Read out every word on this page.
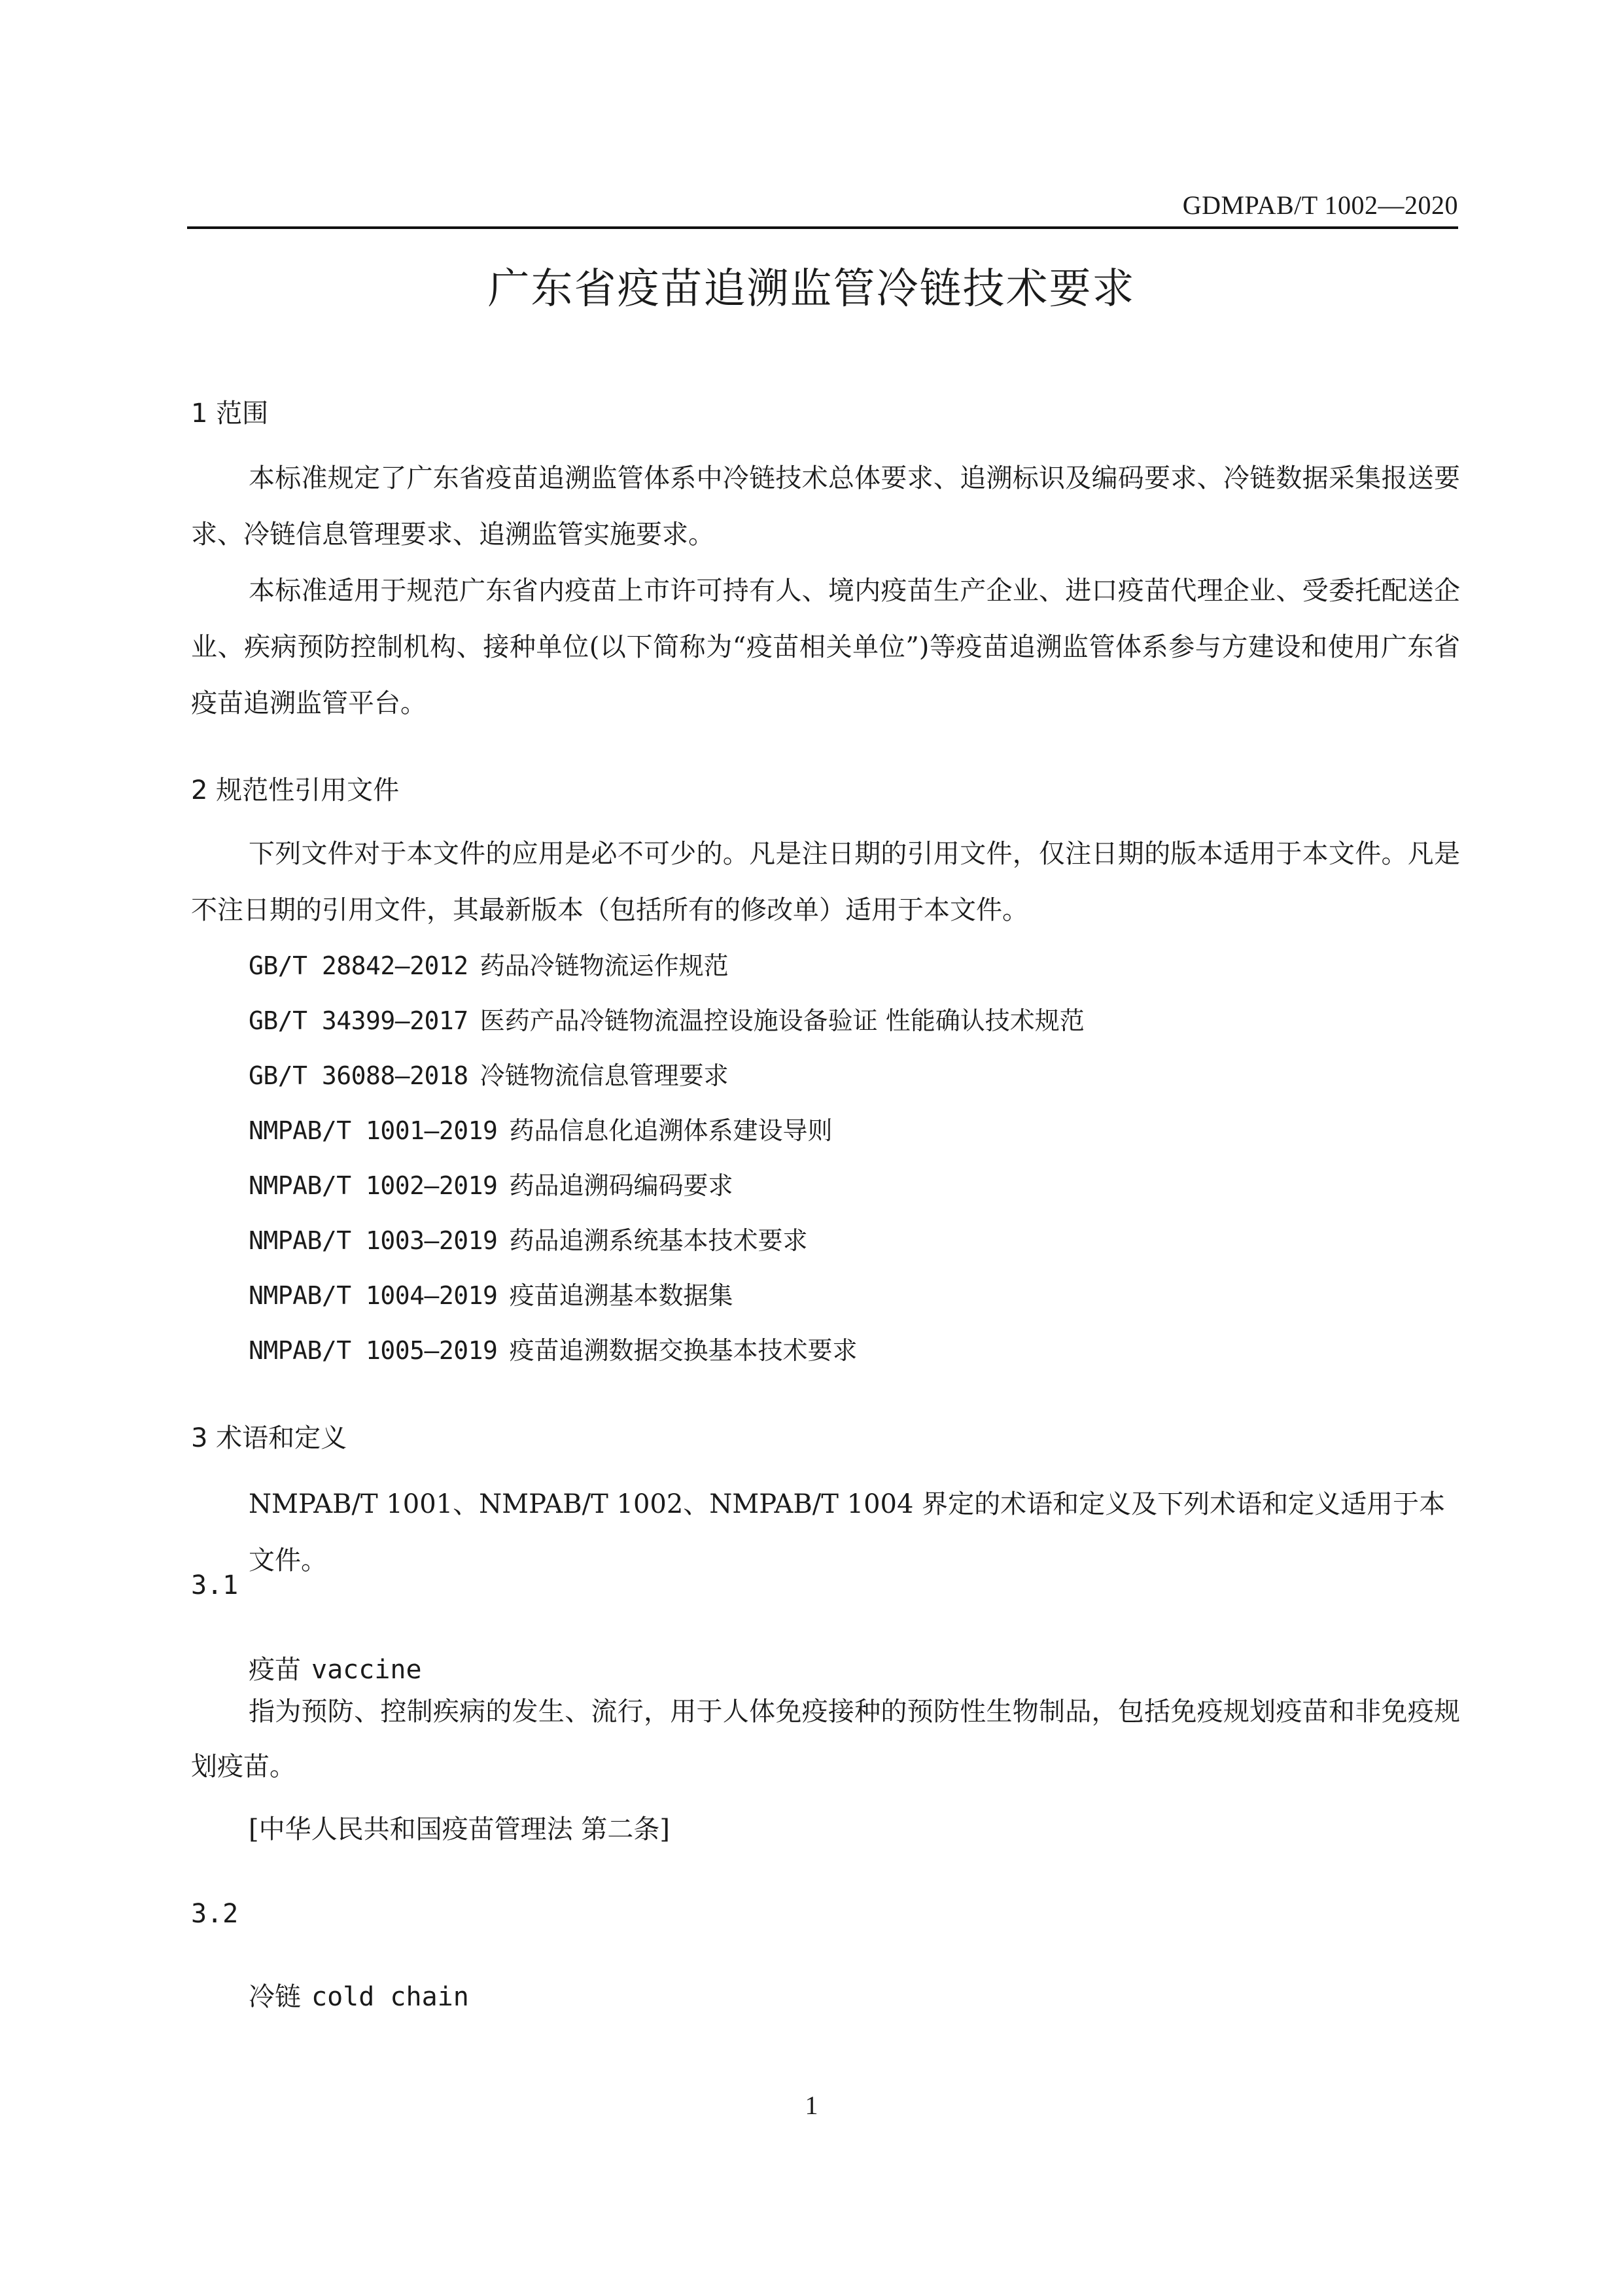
GDMPAB/T 1002—2020
广东省疫苗追溯监管冷链技术要求
1 范围

本标准规定了广东省疫苗追溯监管体系中冷链技术总体要求、追溯标识及编码要求、冷链数据采集报送要求、冷链信息管理要求、追溯监管实施要求。

本标准适用于规范广东省内疫苗上市许可持有人、境内疫苗生产企业、进口疫苗代理企业、受委托配送企业、疾病预防控制机构、接种单位(以下简称为“疫苗相关单位”)等疫苗追溯监管体系参与方建设和使用广东省疫苗追溯监管平台。

2 规范性引用文件

下列文件对于本文件的应用是必不可少的。凡是注日期的引用文件，仅注日期的版本适用于本文件。凡是不注日期的引用文件，其最新版本（包括所有的修改单）适用于本文件。

GB/T 28842—2012 药品冷链物流运作规范
GB/T 34399—2017 医药产品冷链物流温控设施设备验证 性能确认技术规范
GB/T 36088—2018 冷链物流信息管理要求
NMPAB/T 1001—2019 药品信息化追溯体系建设导则
NMPAB/T 1002—2019 药品追溯码编码要求
NMPAB/T 1003—2019 药品追溯系统基本技术要求
NMPAB/T 1004—2019 疫苗追溯基本数据集
NMPAB/T 1005—2019 疫苗追溯数据交换基本技术要求
3 术语和定义

NMPAB/T 1001、NMPAB/T 1002、NMPAB/T 1004 界定的术语和定义及下列术语和定义适用于本文件。

3.1
疫苗 vaccine

指为预防、控制疾病的发生、流行，用于人体免疫接种的预防性生物制品，包括免疫规划疫苗和非免疫规划疫苗。

[中华人民共和国疫苗管理法 第二条]
3.2
冷链 cold chain
1
